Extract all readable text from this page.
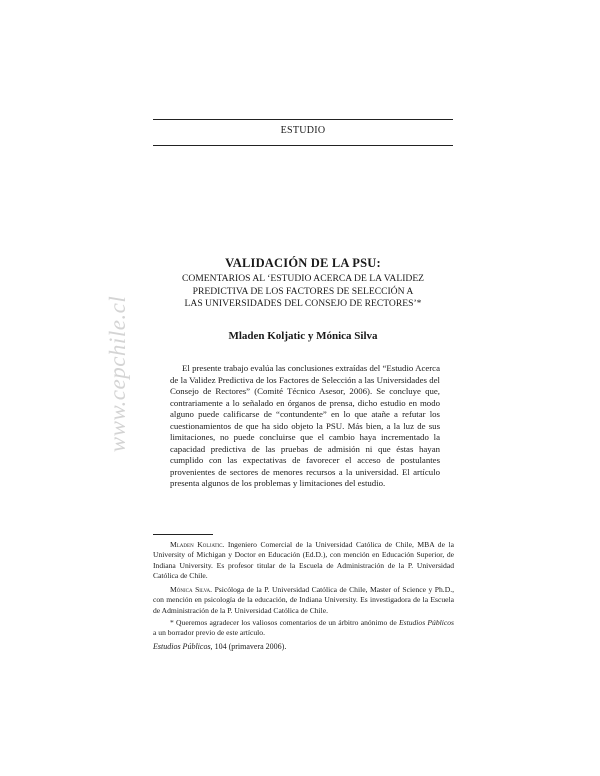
ESTUDIO
www.cepchile.cl
VALIDACIÓN DE LA PSU:
COMENTARIOS AL ‘ESTUDIO ACERCA DE LA VALIDEZ
PREDICTIVA DE LOS FACTORES DE SELECCIÓN A
LAS UNIVERSIDADES DEL CONSEJO DE RECTORES’*
Mladen Koljatic y Mónica Silva

El presente trabajo evalúa las conclusiones extraídas del “Estudio Acerca de la Validez Predictiva de los Factores de Selección a las Universidades del Consejo de Rectores” (Comité Técnico Asesor, 2006). Se concluye que, contrariamente a lo señalado en órganos de prensa, dicho estudio en modo alguno puede calificarse de “contundente” en lo que atañe a refutar los cuestionamientos de que ha sido objeto la PSU. Más bien, a la luz de sus limitaciones, no puede concluirse que el cambio haya incrementado la capacidad predictiva de las pruebas de admisión ni que éstas hayan cumplido con las expectativas de favorecer el acceso de postulantes provenientes de sectores de menores recursos a la universidad. El artículo presenta algunos de los problemas y limitaciones del estudio.

Mladen Koljatic. Ingeniero Comercial de la Universidad Católica de Chile, MBA de la University of Michigan y Doctor en Educación (Ed.D.), con mención en Educación Superior, de Indiana University. Es profesor titular de la Escuela de Administración de la P. Universidad Católica de Chile.

Mónica Silva. Psicóloga de la P. Universidad Católica de Chile, Master of Science y Ph.D., con mención en psicología de la educación, de Indiana University. Es investigadora de la Escuela de Administración de la P. Universidad Católica de Chile.

* Queremos agradecer los valiosos comentarios de un árbitro anónimo de Estudios Públicos a un borrador previo de este artículo.

Estudios Públicos, 104 (primavera 2006).
